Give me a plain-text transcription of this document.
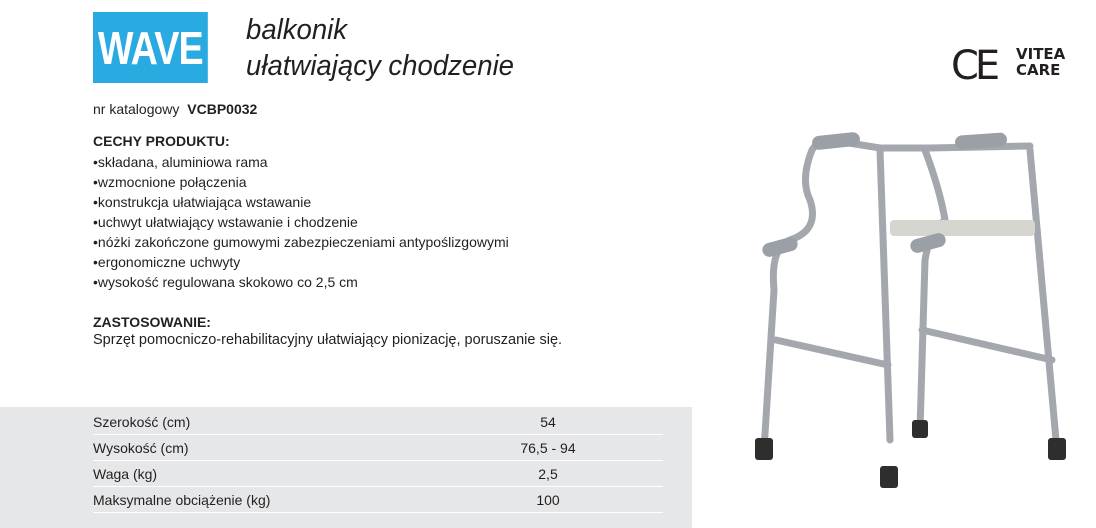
WAVE balkonik
ułatwiający chodzenie
nr katalogowy VCBP0032
CECHY PRODUKTU:
• składana, aluminiowa rama
• wzmocnione połączenia
• konstrukcja ułatwiająca wstawanie
• uchwyt ułatwiający wstawanie i chodzenie
• nóżki zakończone gumowymi zabezpieczeniami antypoślizgowymi
• ergonomiczne uchwyty
• wysokość regulowana skokowo co 2,5 cm
ZASTOSOWANIE:
Sprzęt pomocniczo-rehabilitacyjny ułatwiający pionizację, poruszanie się.
Szerokość (cm)	54
Wysokość (cm)	76,5 - 94
Waga (kg)	2,5
Maksymalne obciążenie (kg)	100
CE VITEA
CARE
